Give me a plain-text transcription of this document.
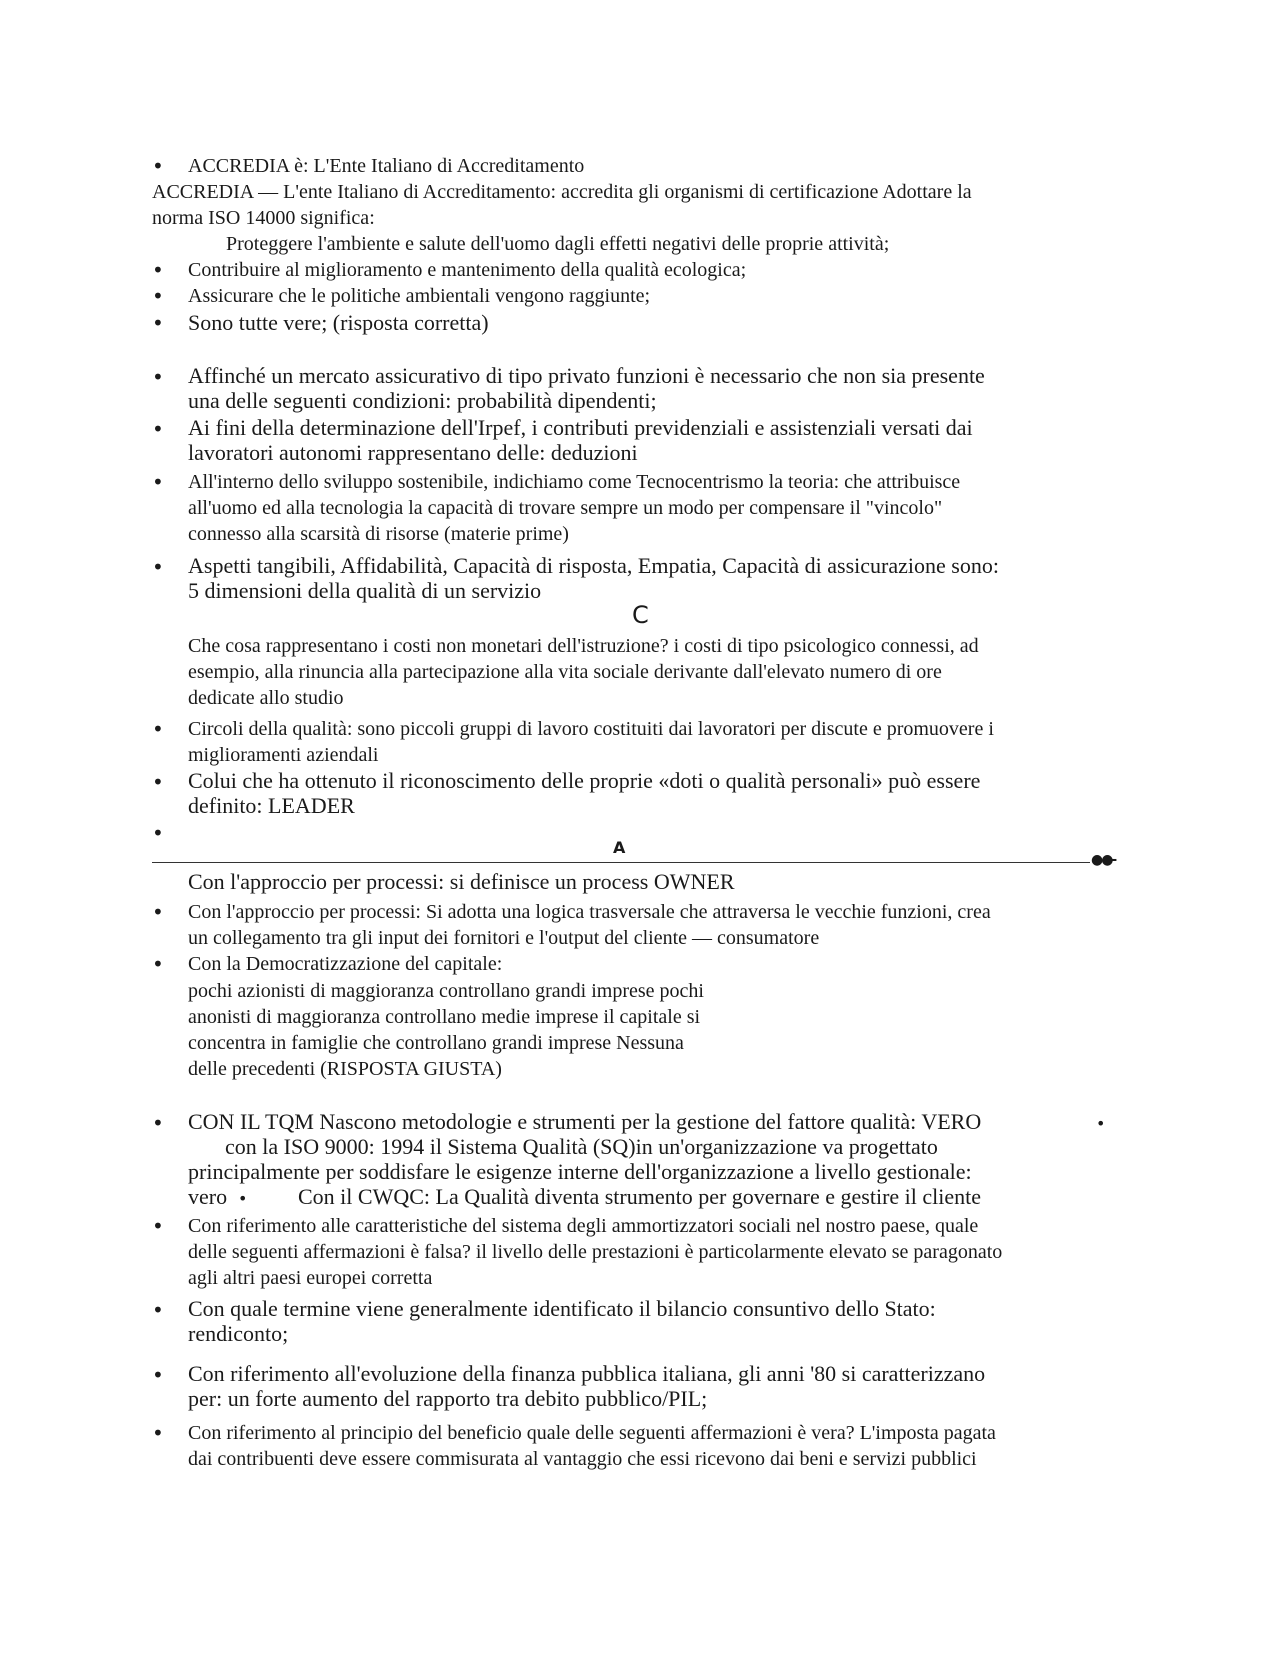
• ACCREDIA è: L'Ente Italiano di Accreditamento
ACCREDIA — L'ente Italiano di Accreditamento: accredita gli organismi di certificazione Adottare la
norma ISO 14000 significa:
Proteggere l'ambiente e salute dell'uomo dagli effetti negativi delle proprie attività;
• Contribuire al miglioramento e mantenimento della qualità ecologica;
• Assicurare che le politiche ambientali vengono raggiunte;
• Sono tutte vere; (risposta corretta)
• Affinché un mercato assicurativo di tipo privato funzioni è necessario che non sia presente
una delle seguenti condizioni: probabilità dipendenti;
• Ai fini della determinazione dell'Irpef, i contributi previdenziali e assistenziali versati dai
lavoratori autonomi rappresentano delle: deduzioni
• All'interno dello sviluppo sostenibile, indichiamo come Tecnocentrismo la teoria: che attribuisce
all'uomo ed alla tecnologia la capacità di trovare sempre un modo per compensare il "vincolo"
connesso alla scarsità di risorse (materie prime)
• Aspetti tangibili, Affidabilità, Capacità di risposta, Empatia, Capacità di assicurazione sono:
5 dimensioni della qualità di un servizio
C
Che cosa rappresentano i costi non monetari dell'istruzione? i costi di tipo psicologico connessi, ad
esempio, alla rinuncia alla partecipazione alla vita sociale derivante dall'elevato numero di ore
dedicate allo studio
• Circoli della qualità: sono piccoli gruppi di lavoro costituiti dai lavoratori per discute e promuovere i
miglioramenti aziendali
• Colui che ha ottenuto il riconoscimento delle proprie «doti o qualità personali» può essere
definito: LEADER
•
A
●●-
Con l'approccio per processi: si definisce un process OWNER
• Con l'approccio per processi: Si adotta una logica trasversale che attraversa le vecchie funzioni, crea
un collegamento tra gli input dei fornitori e l'output del cliente — consumatore
• Con la Democratizzazione del capitale:
pochi azionisti di maggioranza controllano grandi imprese pochi
anonisti di maggioranza controllano medie imprese il capitale si
concentra in famiglie che controllano grandi imprese Nessuna
delle precedenti (RISPOSTA GIUSTA)
• CON IL TQM Nascono metodologie e strumenti per la gestione del fattore qualità: VERO	•
con la ISO 9000: 1994 il Sistema Qualità (SQ)in un'organizzazione va progettato
principalmente per soddisfare le esigenze interne dell'organizzazione a livello gestionale:
vero • Con il CWQC: La Qualità diventa strumento per governare e gestire il cliente
• Con riferimento alle caratteristiche del sistema degli ammortizzatori sociali nel nostro paese, quale
delle seguenti affermazioni è falsa? il livello delle prestazioni è particolarmente elevato se paragonato
agli altri paesi europei corretta
• Con quale termine viene generalmente identificato il bilancio consuntivo dello Stato:
rendiconto;
• Con riferimento all'evoluzione della finanza pubblica italiana, gli anni '80 si caratterizzano
per: un forte aumento del rapporto tra debito pubblico/PIL;
• Con riferimento al principio del beneficio quale delle seguenti affermazioni è vera? L'imposta pagata
dai contribuenti deve essere commisurata al vantaggio che essi ricevono dai beni e servizi pubblici
